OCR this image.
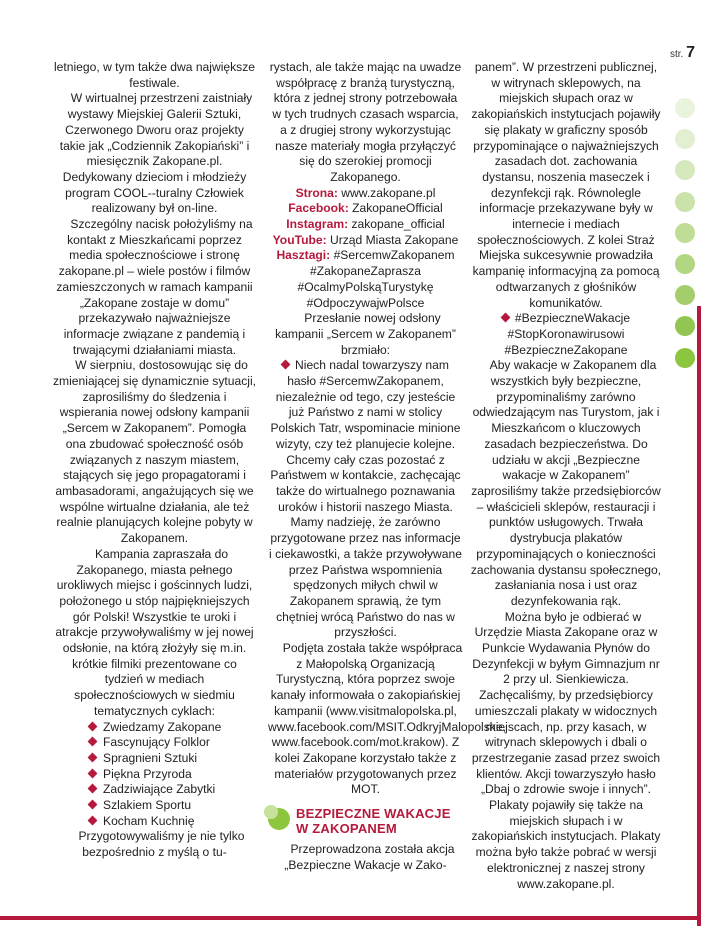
str. 7

letniego, w tym także dwa największe festiwale.

W wirtualnej przestrzeni zaistniały wystawy Miejskiej Galerii Sztuki, Czerwonego Dworu oraz projekty takie jak „Codziennik Zakopiański” i miesięcznik Zakopane.pl. Dedykowany dzieciom i młodzieży program COOL--turalny Człowiek realizowany był on-line.

Szczególny nacisk położyliśmy na kontakt z Mieszkańcami poprzez media społecznościowe i stronę zakopane.pl – wiele postów i filmów zamieszczonych w ramach kampanii „Zakopane zostaje w domu” przekazywało najważniejsze informacje związane z pandemią i trwającymi działaniami miasta.

W sierpniu, dostosowując się do zmieniającej się dynamicznie sytuacji, zaprosiliśmy do śledzenia i wspierania nowej odsłony kampanii „Sercem w Zakopanem”. Pomogła ona zbudować społeczność osób związanych z naszym miastem, stających się jego propagatorami i ambasadorami, angażujących się we wspólne wirtualne działania, ale też realnie planujących kolejne pobyty w Zakopanem.

Kampania zapraszała do Zakopanego, miasta pełnego urokliwych miejsc i gościnnych ludzi, położonego u stóp najpiękniejszych gór Polski! Wszystkie te uroki i atrakcje przywoływaliśmy w jej nowej odsłonie, na którą złożyły się m.in. krótkie filmiki prezentowane co tydzień w mediach społecznościowych w siedmiu tematycznych cyklach:

Zwiedzamy Zakopane
Fascynujący Folklor
Spragnieni Sztuki
Piękna Przyroda
Zadziwiające Zabytki
Szlakiem Sportu
Kocham Kuchnię

Przygotowywaliśmy je nie tylko bezpośrednio z myślą o tu-

rystach, ale także mając na uwadze współpracę z branżą turystyczną, która z jednej strony potrzebowała w tych trudnych czasach wsparcia, a z drugiej strony wykorzystując nasze materiały mogła przyłączyć się do szerokiej promocji Zakopanego.

Strona: www.zakopane.pl

Facebook: ZakopaneOfficial

Instagram: zakopane_official

YouTube: Urząd Miasta Zakopane

Hasztagi: #SercemwZakopanem #ZakopaneZaprasza #OcalmyPolskąTurystykę #OdpoczywajwPolsce

Przesłanie nowej odsłony kampanii „Sercem w Zakopanem” brzmiało:

Niech nadal towarzyszy nam hasło #SercemwZakopanem, niezależnie od tego, czy jesteście już Państwo z nami w stolicy Polskich Tatr, wspominacie minione wizyty, czy też planujecie kolejne. Chcemy cały czas pozostać z Państwem w kontakcie, zachęcając także do wirtualnego poznawania uroków i historii naszego Miasta. Mamy nadzieję, że zarówno przygotowane przez nas informacje i ciekawostki, a także przywoływane przez Państwa wspomnienia spędzonych miłych chwil w Zakopanem sprawią, że tym chętniej wrócą Państwo do nas w przyszłości.

Podjęta została także współpraca z Małopolską Organizacją Turystyczną, która poprzez swoje kanały informowała o zakopiańskiej kampanii (www.visitmalopolska.pl, www.facebook.com/MSIT.OdkryjMalopolske, www.facebook.com/mot.krakow). Z kolei Zakopane korzystało także z materiałów przygotowanych przez MOT.

BEZPIECZNE WAKACJE W ZAKOPANEM

Przeprowadzona została akcja „Bezpieczne Wakacje w Zako-

panem”. W przestrzeni publicznej, w witrynach sklepowych, na miejskich słupach oraz w zakopiańskich instytucjach pojawiły się plakaty w graficzny sposób przypominające o najważniejszych zasadach dot. zachowania dystansu, noszenia maseczek i dezynfekcji rąk. Równolegle informacje przekazywane były w internecie i mediach społecznościowych. Z kolei Straż Miejska sukcesywnie prowadziła kampanię informacyjną za pomocą odtwarzanych z głośników komunikatów.

#BezpieczneWakacje #StopKoronawirusowi #BezpieczneZakopane

Aby wakacje w Zakopanem dla wszystkich były bezpieczne, przypominaliśmy zarówno odwiedzającym nas Turystom, jak i Mieszkańcom o kluczowych zasadach bezpieczeństwa. Do udziału w akcji „Bezpieczne wakacje w Zakopanem” zaprosiliśmy także przedsiębiorców – właścicieli sklepów, restauracji i punktów usługowych. Trwała dystrybucja plakatów przypominających o konieczności zachowania dystansu społecznego, zasłaniania nosa i ust oraz dezynfekowania rąk.

Można było je odbierać w Urzędzie Miasta Zakopane oraz w Punkcie Wydawania Płynów do Dezynfekcji w byłym Gimnazjum nr 2 przy ul. Sienkiewicza. Zachęcaliśmy, by przedsiębiorcy umieszczali plakaty w widocznych miejscach, np. przy kasach, w witrynach sklepowych i dbali o przestrzeganie zasad przez swoich klientów. Akcji towarzyszyło hasło „Dbaj o zdrowie swoje i innych”. Plakaty pojawiły się także na miejskich słupach i w zakopiańskich instytucjach. Plakaty można było także pobrać w wersji elektronicznej z naszej strony www.zakopane.pl.
